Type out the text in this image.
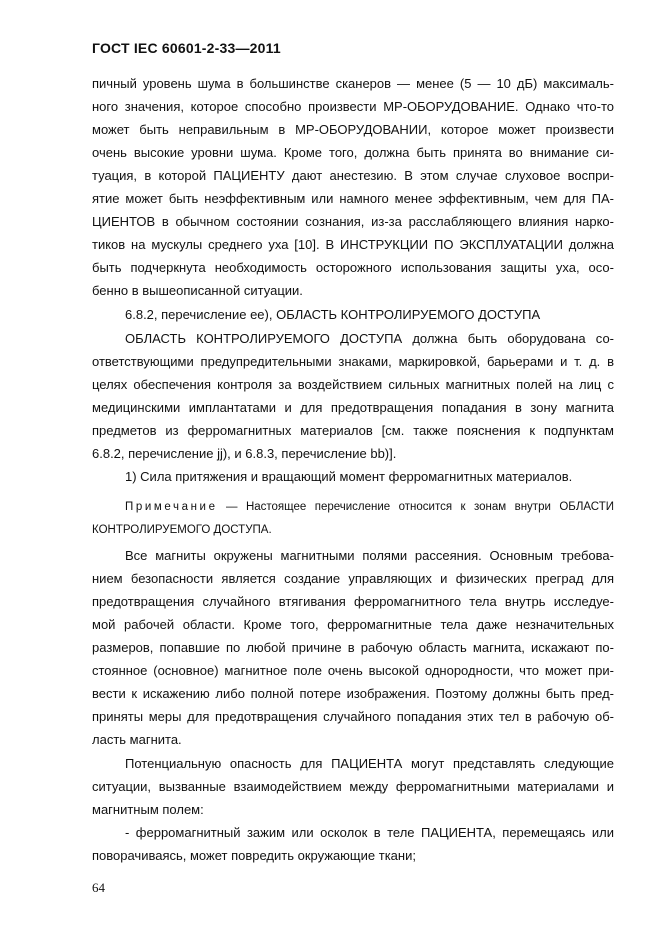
ГОСТ IEC 60601-2-33—2011
пичный уровень шума в большинстве сканеров — менее (5 — 10 дБ) максималь-
ного значения, которое способно произвести МР-ОБОРУДОВАНИЕ. Однако что-то
может быть неправильным в МР-ОБОРУДОВАНИИ, которое может произвести
очень высокие уровни шума. Кроме того, должна быть принята во внимание си-
туация, в которой ПАЦИЕНТУ дают анестезию. В этом случае слуховое воспри-
ятие может быть неэффективным или намного менее эффективным, чем для ПА-
ЦИЕНТОВ в обычном состоянии сознания, из-за расслабляющего влияния нарко-
тиков на мускулы среднего уха [10]. В ИНСТРУКЦИИ ПО ЭКСПЛУАТАЦИИ должна
быть подчеркнута необходимость осторожного использования защиты уха, осо-
бенно в вышеописанной ситуации.
6.8.2, перечисление ее), ОБЛАСТЬ КОНТРОЛИРУЕМОГО ДОСТУПА
ОБЛАСТЬ КОНТРОЛИРУЕМОГО ДОСТУПА должна быть оборудована со-
ответствующими предупредительными знаками, маркировкой, барьерами и т. д. в
целях обеспечения контроля за воздействием сильных магнитных полей на лиц с
медицинскими имплантатами и для предотвращения попадания в зону магнита
предметов из ферромагнитных материалов [см. также пояснения к подпунктам
6.8.2, перечисление jj), и 6.8.3, перечисление bb)].
1) Сила притяжения и вращающий момент ферромагнитных материалов.
Примечание — Настоящее перечисление относится к зонам внутри ОБЛАСТИ
КОНТРОЛИРУЕМОГО ДОСТУПА.
Все магниты окружены магнитными полями рассеяния. Основным требова-
нием безопасности является создание управляющих и физических преград для
предотвращения случайного втягивания ферромагнитного тела внутрь исследуе-
мой рабочей области. Кроме того, ферромагнитные тела даже незначительных
размеров, попавшие по любой причине в рабочую область магнита, искажают по-
стоянное (основное) магнитное поле очень высокой однородности, что может при-
вести к искажению либо полной потере изображения. Поэтому должны быть пред-
приняты меры для предотвращения случайного попадания этих тел в рабочую об-
ласть магнита.
Потенциальную опасность для ПАЦИЕНТА могут представлять следующие
ситуации, вызванные взаимодействием между ферромагнитными материалами и
магнитным полем:
- ферромагнитный зажим или осколок в теле ПАЦИЕНТА, перемещаясь или
поворачиваясь, может повредить окружающие ткани;
64
